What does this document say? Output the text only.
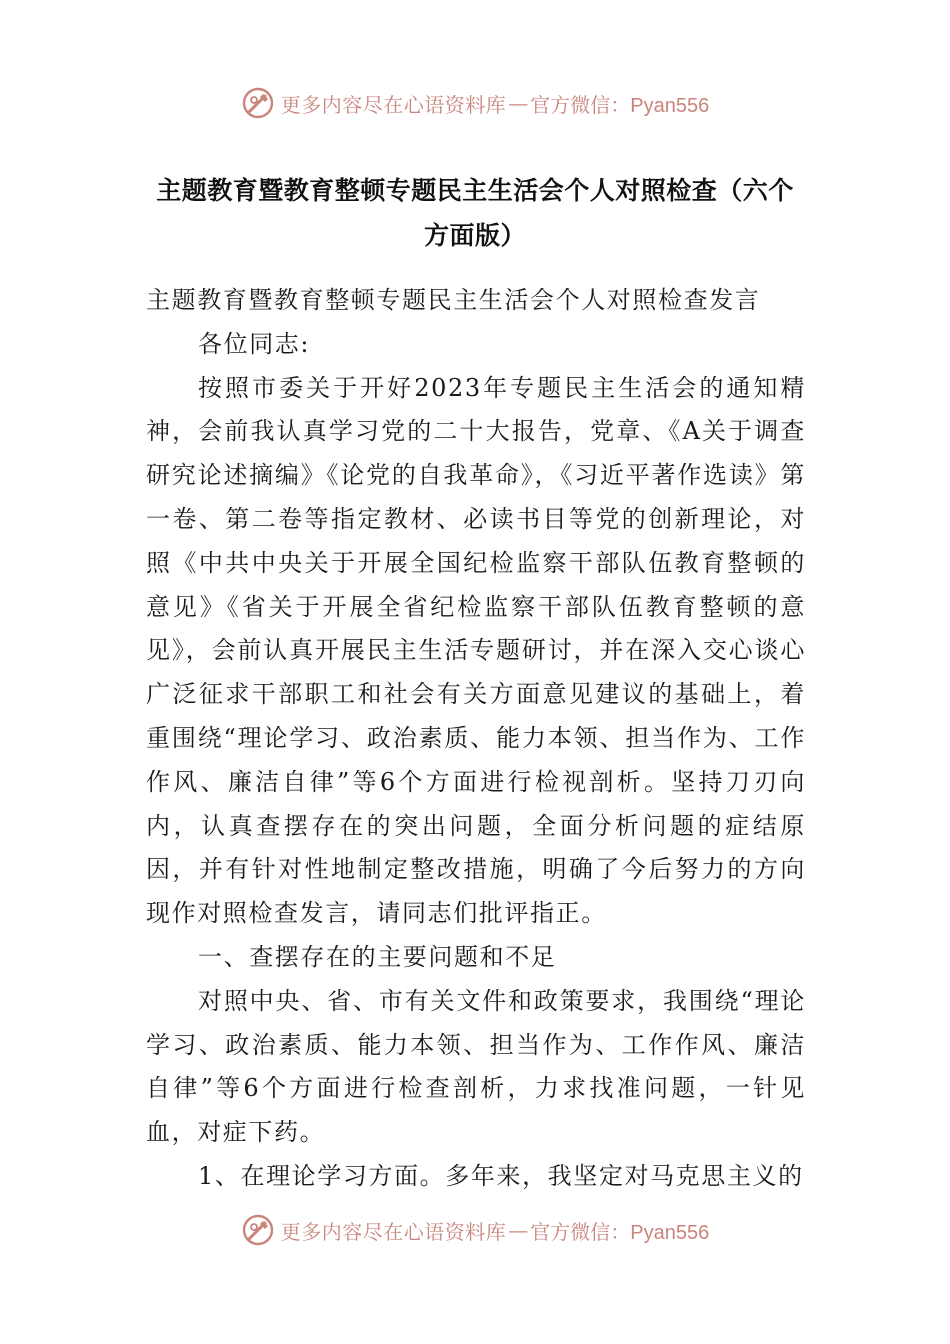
更多内容尽在心语资料库 — 官方微信：Pyan556
主题教育暨教育整顿专题民主生活会个人对照检查（六个方面版）

主题教育暨教育整顿专题民主生活会个人对照检查发言

各位同志:

按照市委关于开好2023年专题民主生活会的通知精神，会前我认真学习党的二十大报告，党章、《A关于调查研究论述摘编》《论党的自我革命》，《习近平著作选读》第一卷、第二卷等指定教材、必读书目等党的创新理论，对照《中共中央关于开展全国纪检监察干部队伍教育整顿的意见》《省关于开展全省纪检监察干部队伍教育整顿的意见》，会前认真开展民主生活专题研讨，并在深入交心谈心广泛征求干部职工和社会有关方面意见建议的基础上，着重围绕“理论学习、政治素质、能力本领、担当作为、工作作风、廉洁自律”等6个方面进行检视剖析。坚持刀刃向内，认真查摆存在的突出问题，全面分析问题的症结原因，并有针对性地制定整改措施，明确了今后努力的方向现作对照检查发言，请同志们批评指正。

一、查摆存在的主要问题和不足

对照中央、省、市有关文件和政策要求，我围绕“理论学习、政治素质、能力本领、担当作为、工作作风、廉洁自律”等6个方面进行检查剖析，力求找准问题，一针见血，对症下药。

1、在理论学习方面。多年来，我坚定对马克思主义的

更多内容尽在心语资料库 — 官方微信：Pyan556
